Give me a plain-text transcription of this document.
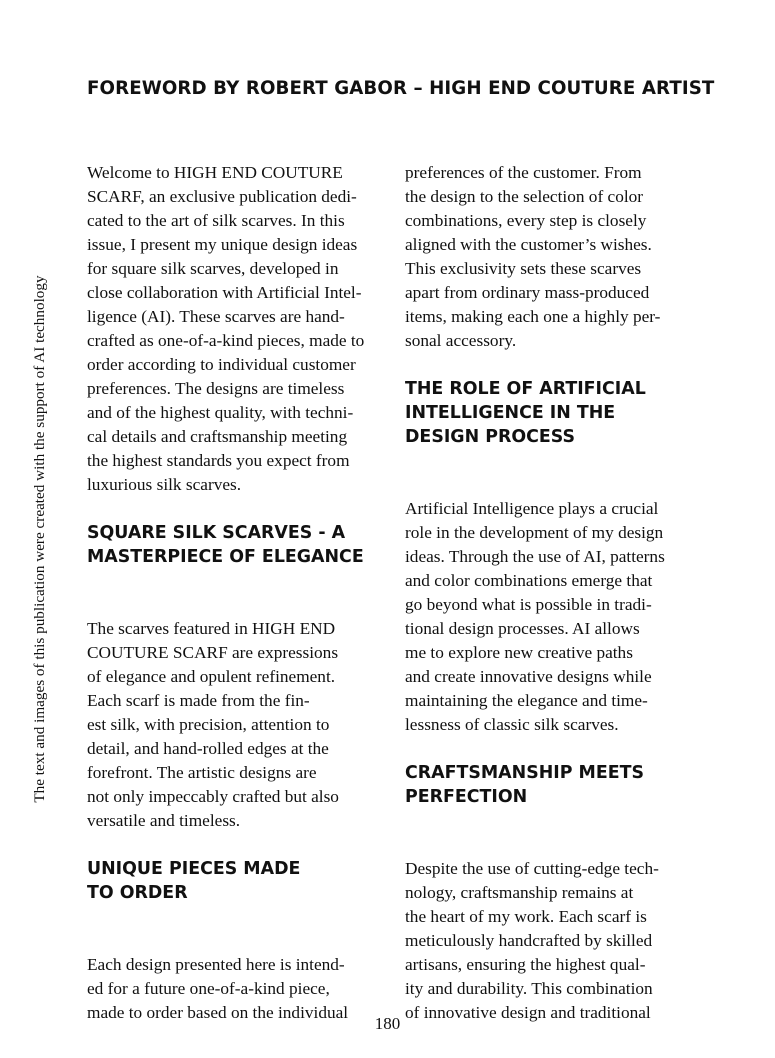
FOREWORD BY ROBERT GABOR – HIGH END COUTURE ARTIST
The text and images of this publication were created with the support of AI technology
Welcome to HIGH END COUTURE
SCARF, an exclusive publication dedi-
cated to the art of silk scarves. In this
issue, I present my unique design ideas
for square silk scarves, developed in
close collaboration with Artificial Intel-
ligence (AI). These scarves are hand-
crafted as one-of-a-kind pieces, made to
order according to individual customer
preferences. The designs are timeless
and of the highest quality, with techni-
cal details and craftsmanship meeting
the highest standards you expect from
luxurious silk scarves.
SQUARE SILK SCARVES - A
MASTERPIECE OF ELEGANCE
The scarves featured in HIGH END
COUTURE SCARF are expressions
of elegance and opulent refinement.
Each scarf is made from the fin-
est silk, with precision, attention to
detail, and hand-rolled edges at the
forefront. The artistic designs are
not only impeccably crafted but also
versatile and timeless.
UNIQUE PIECES MADE
TO ORDER
Each design presented here is intend-
ed for a future one-of-a-kind piece,
made to order based on the individual
preferences of the customer. From
the design to the selection of color
combinations, every step is closely
aligned with the customer’s wishes.
This exclusivity sets these scarves
apart from ordinary mass-produced
items, making each one a highly per-
sonal accessory.
THE ROLE OF ARTIFICIAL
INTELLIGENCE IN THE
DESIGN PROCESS
Artificial Intelligence plays a crucial
role in the development of my design
ideas. Through the use of AI, patterns
and color combinations emerge that
go beyond what is possible in tradi-
tional design processes. AI allows
me to explore new creative paths
and create innovative designs while
maintaining the elegance and time-
lessness of classic silk scarves.
CRAFTSMANSHIP MEETS
PERFECTION
Despite the use of cutting-edge tech-
nology, craftsmanship remains at
the heart of my work. Each scarf is
meticulously handcrafted by skilled
artisans, ensuring the highest qual-
ity and durability. This combination
of innovative design and traditional
180
